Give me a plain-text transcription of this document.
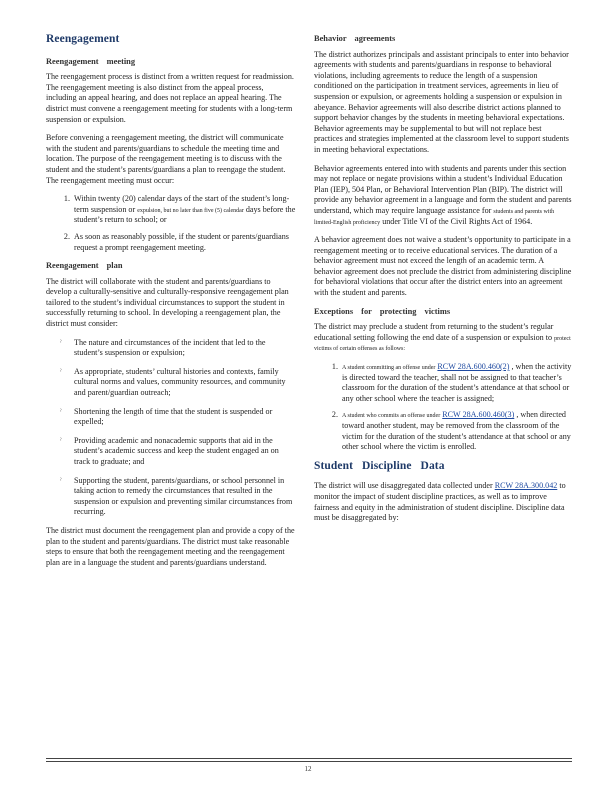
Reengagement
Reengagement meeting

The reengagement process is distinct from a written request for readmission. The reengagement meeting is also distinct from the appeal process, including an appeal hearing, and does not replace an appeal hearing. The district must convene a reengagement meeting for students with a long-term suspension or expulsion.

Before convening a reengagement meeting, the district will communicate with the student and parents/guardians to schedule the meeting time and location. The purpose of the reengagement meeting is to discuss with the student and the student’s parents/guardians a plan to reengage the student. The reengagement meeting must occur:

1. Within twenty (20) calendar days of the start of the student’s long-term suspension or expulsion, but no later than five (5) calendar days before the student’s return to school; or
2. As soon as reasonably possible, if the student or parents/guardians request a prompt reengagement meeting.
Reengagement plan

The district will collaborate with the student and parents/guardians to develop a culturally-sensitive and culturally-responsive reengagement plan tailored to the student’s individual circumstances to support the student in successfully returning to school. In developing a reengagement plan, the district must consider:

ˀ The nature and circumstances of the incident that led to the student’s suspension or expulsion;
ˀ As appropriate, students’ cultural histories and contexts, family cultural norms and values, community resources, and community and parent/guardian outreach;
ˀ Shortening the length of time that the student is suspended or expelled;
ˀ Providing academic and nonacademic supports that aid in the student’s academic success and keep the student engaged an on track to graduate; and
ˀ Supporting the student, parents/guardians, or school personnel in taking action to remedy the circumstances that resulted in the suspension or expulsion and preventing similar circumstances from recurring.

The district must document the reengagement plan and provide a copy of the plan to the student and parents/guardians. The district must take reasonable steps to ensure that both the reengagement meeting and the reengagement plan are in a language the student and parents/guardians understand.

Behavior agreements

The district authorizes principals and assistant principals to enter into behavior agreements with students and parents/guardians in response to behavioral violations, including agreements to reduce the length of a suspension conditioned on the participation in treatment services, agreements in lieu of suspension or expulsion, or agreements holding a suspension or expulsion in abeyance. Behavior agreements will also describe district actions planned to support behavior changes by the students in meeting behavioral expectations. Behavior agreements may be supplemental to but will not replace best practices and strategies implemented at the classroom level to support students in meeting behavioral expectations.

Behavior agreements entered into with students and parents under this section may not replace or negate provisions within a student’s Individual Education Plan (IEP), 504 Plan, or Behavioral Intervention Plan (BIP). The district will provide any behavior agreement in a language and form the student and parents understand, which may require language assistance for students and parents with limited-English proficiency under Title VI of the Civil Rights Act of 1964.

A behavior agreement does not waive a student’s opportunity to participate in a reengagement meeting or to receive educational services. The duration of a behavior agreement must not exceed the length of an academic term. A behavior agreement does not preclude the district from administering discipline for behavioral violations that occur after the district enters into an agreement with the student and parents.

Exceptions for protecting victims

The district may preclude a student from returning to the student’s regular educational setting following the end date of a suspension or expulsion to protect victims of certain offenses as follows:

1. A student committing an offense under RCW 28A.600.460(2) , when the activity is directed toward the teacher, shall not be assigned to that teacher’s classroom for the duration of the student’s attendance at that school or any other school where the teacher is assigned;
2. A student who commits an offense under RCW 28A.600.460(3) , when directed toward another student, may be removed from the classroom of the victim for the duration of the student’s attendance at that school or any other school where the victim is enrolled.
Student Discipline Data

The district will use disaggregated data collected under RCW 28A.300.042 to monitor the impact of student discipline practices, as well as to improve fairness and equity in the administration of student discipline. Discipline data must be disaggregated by:

12
